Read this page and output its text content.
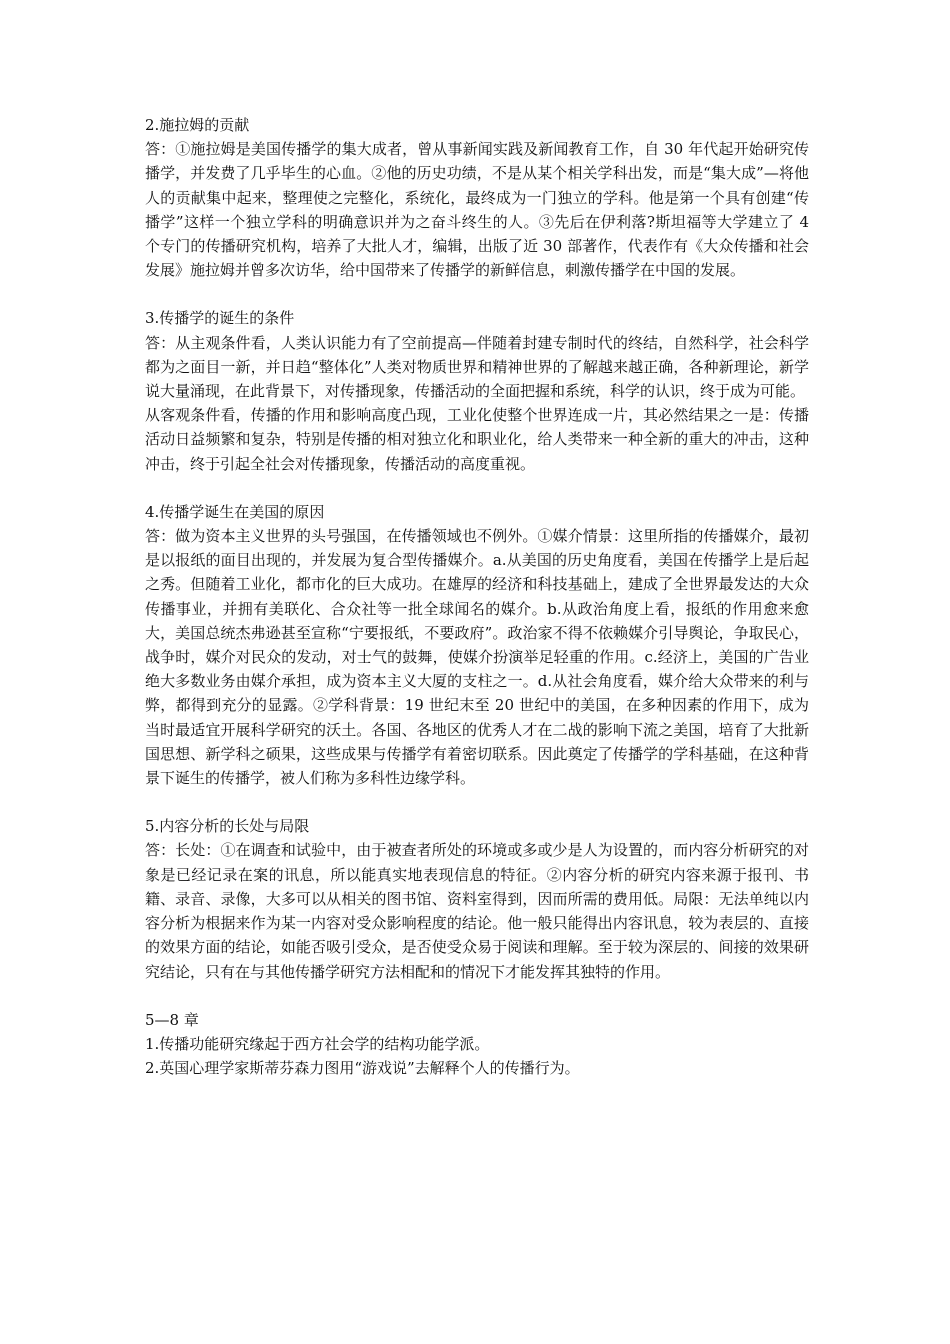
2.施拉姆的贡献

答：①施拉姆是美国传播学的集大成者，曾从事新闻实践及新闻教育工作，自 30 年代起开始研究传播学，并发费了几乎毕生的心血。②他的历史功绩，不是从某个相关学科出发，而是“集大成”—将他人的贡献集中起来，整理使之完整化，系统化，最终成为一门独立的学科。他是第一个具有创建“传播学”这样一个独立学科的明确意识并为之奋斗终生的人。③先后在伊利落?斯坦福等大学建立了 4 个专门的传播研究机构，培养了大批人才，编辑，出版了近 30 部著作，代表作有《大众传播和社会发展》施拉姆并曾多次访华，给中国带来了传播学的新鲜信息，刺激传播学在中国的发展。

3.传播学的诞生的条件

答：从主观条件看，人类认识能力有了空前提高—伴随着封建专制时代的终结，自然科学，社会科学都为之面目一新，并日趋“整体化”人类对物质世界和精神世界的了解越来越正确，各种新理论，新学说大量涌现，在此背景下，对传播现象，传播活动的全面把握和系统，科学的认识，终于成为可能。

从客观条件看，传播的作用和影响高度凸现，工业化使整个世界连成一片，其必然结果之一是：传播活动日益频繁和复杂，特别是传播的相对独立化和职业化，给人类带来一种全新的重大的冲击，这种冲击，终于引起全社会对传播现象，传播活动的高度重视。

4.传播学诞生在美国的原因

答：做为资本主义世界的头号强国，在传播领域也不例外。①媒介情景：这里所指的传播媒介，最初是以报纸的面目出现的，并发展为复合型传播媒介。a.从美国的历史角度看，美国在传播学上是后起之秀。但随着工业化，都市化的巨大成功。在雄厚的经济和科技基础上，建成了全世界最发达的大众传播事业，并拥有美联化、合众社等一批全球闻名的媒介。b.从政治角度上看，报纸的作用愈来愈大，美国总统杰弗逊甚至宣称“宁要报纸，不要政府”。政治家不得不依赖媒介引导舆论，争取民心，战争时，媒介对民众的发动，对士气的鼓舞，使媒介扮演举足轻重的作用。c.经济上，美国的广告业绝大多数业务由媒介承担，成为资本主义大厦的支柱之一。d.从社会角度看，媒介给大众带来的利与弊，都得到充分的显露。②学科背景：19 世纪末至 20 世纪中的美国，在多种因素的作用下，成为当时最适宜开展科学研究的沃土。各国、各地区的优秀人才在二战的影响下流之美国，培育了大批新国思想、新学科之硕果，这些成果与传播学有着密切联系。因此奠定了传播学的学科基础，在这种背景下诞生的传播学，被人们称为多科性边缘学科。

5.内容分析的长处与局限

答：长处：①在调查和试验中，由于被查者所处的环境或多或少是人为设置的，而内容分析研究的对象是已经记录在案的讯息，所以能真实地表现信息的特征。②内容分析的研究内容来源于报刊、书籍、录音、录像，大多可以从相关的图书馆、资料室得到，因而所需的费用低。局限：无法单纯以内容分析为根据来作为某一内容对受众影响程度的结论。他一般只能得出内容讯息，较为表层的、直接的效果方面的结论，如能否吸引受众，是否使受众易于阅读和理解。至于较为深层的、间接的效果研究结论，只有在与其他传播学研究方法相配和的情况下才能发挥其独特的作用。

5—8 章

1.传播功能研究缘起于西方社会学的结构功能学派。

2.英国心理学家斯蒂芬森力图用“游戏说”去解释个人的传播行为。
